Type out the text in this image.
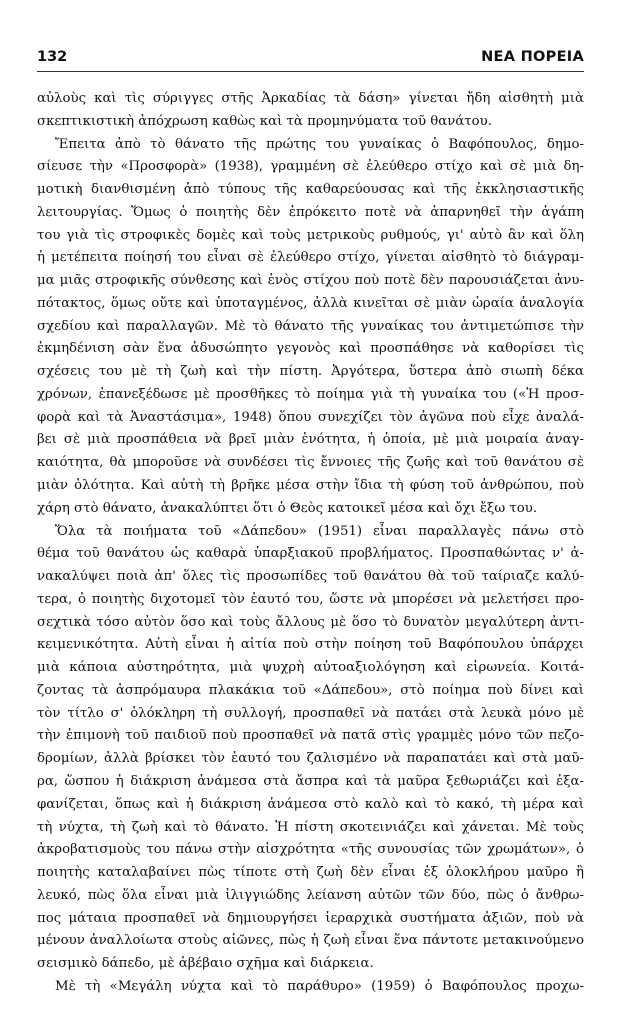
132	ΝΕΑ ΠΟΡΕΙΑ
αὐλοὺς καὶ τὶς σύριγγες στῆς Ἀρκαδίας τὰ δάση» γίνεται ἤδη αἰσθητὴ μιὰ
σκεπτικιστικὴ ἀπόχρωση καθὼς καὶ τὰ προμηνύματα τοῦ θανάτου.
Ἔπειτα ἀπὸ τὸ θάνατο τῆς πρώτης του γυναίκας ὁ Βαφόπουλος, δημο-
σίευσε τὴν «Προσφορὰ» (1938), γραμμένη σὲ ἐλεύθερο στίχο καὶ σὲ μιὰ δη-
μοτικὴ διανθισμένη ἀπὸ τύπους τῆς καθαρεύουσας καὶ τῆς ἐκκλησιαστικῆς
λειτουργίας. Ὅμως ὁ ποιητὴς δὲν ἐπρόκειτο ποτὲ νὰ ἀπαρνηθεῖ τὴν ἀγάπη
του γιὰ τὶς στροφικὲς δομὲς καὶ τοὺς μετρικοὺς ρυθμούς, γι' αὐτὸ ἂν καὶ ὅλη
ἡ μετέπειτα ποίησή του εἶναι σὲ ἐλεύθερο στίχο, γίνεται αἰσθητὸ τὸ διάγραμ-
μα μιᾶς στροφικῆς σύνθεσης καὶ ἑνὸς στίχου ποὺ ποτὲ δὲν παρουσιάζεται ἀνυ-
πότακτος, ὅμως οὔτε καὶ ὑποταγμένος, ἀλλὰ κινεῖται σὲ μιὰν ὡραία ἀναλογία
σχεδίου καὶ παραλλαγῶν. Μὲ τὸ θάνατο τῆς γυναίκας του ἀντιμετώπισε τὴν
ἐκμηδένιση σὰν ἕνα ἀδυσώπητο γεγονὸς καὶ προσπάθησε νὰ καθορίσει τὶς
σχέσεις του μὲ τὴ ζωὴ καὶ τὴν πίστη. Ἀργότερα, ὕστερα ἀπὸ σιωπὴ δέκα
χρόνων, ἐπανεξέδωσε μὲ προσθῆκες τὸ ποίημα γιὰ τὴ γυναίκα του («Ἡ προσ-
φορὰ καὶ τὰ Ἀναστάσιμα», 1948) ὅπου συνεχίζει τὸν ἀγῶνα ποὺ εἶχε ἀναλά-
βει σὲ μιὰ προσπάθεια νὰ βρεῖ μιὰν ἑνότητα, ἡ ὁποία, μὲ μιὰ μοιραία ἀναγ-
καιότητα, θὰ μποροῦσε νὰ συνδέσει τὶς ἔννοιες τῆς ζωῆς καὶ τοῦ θανάτου σὲ
μιὰν ὁλότητα. Καὶ αὐτὴ τὴ βρῆκε μέσα στὴν ἴδια τὴ φύση τοῦ ἀνθρώπου, ποὺ
χάρη στὸ θάνατο, ἀνακαλύπτει ὅτι ὁ Θεὸς κατοικεῖ μέσα καὶ ὄχι ἔξω του.
Ὅλα τὰ ποιήματα τοῦ «Δάπεδου» (1951) εἶναι παραλλαγὲς πάνω στὸ
θέμα τοῦ θανάτου ὡς καθαρὰ ὑπαρξιακοῦ προβλήματος. Προσπαθώντας ν' ἀ-
νακαλύψει ποιὰ ἀπ' ὅλες τὶς προσωπίδες τοῦ θανάτου θὰ τοῦ ταίριαζε καλύ-
τερα, ὁ ποιητὴς διχοτομεῖ τὸν ἑαυτό του, ὥστε νὰ μπορέσει νὰ μελετήσει προ-
σεχτικὰ τόσο αὐτὸν ὅσο καὶ τοὺς ἄλλους μὲ ὅσο τὸ δυνατὸν μεγαλύτερη ἀντι-
κειμενικότητα. Αὐτὴ εἶναι ἡ αἰτία ποὺ στὴν ποίηση τοῦ Βαφόπουλου ὑπάρχει
μιὰ κάποια αὐστηρότητα, μιὰ ψυχρὴ αὐτοαξιολόγηση καὶ εἰρωνεία. Κοιτά-
ζοντας τὰ ἀσπρόμαυρα πλακάκια τοῦ «Δάπεδου», στὸ ποίημα ποὺ δίνει καὶ
τὸν τίτλο σ' ὁλόκληρη τὴ συλλογή, προσπαθεῖ νὰ πατάει στὰ λευκὰ μόνο μὲ
τὴν ἐπιμονὴ τοῦ παιδιοῦ ποὺ προσπαθεῖ νὰ πατᾶ στὶς γραμμὲς μόνο τῶν πεζο-
δρομίων, ἀλλὰ βρίσκει τὸν ἑαυτό του ζαλισμένο νὰ παραπατάει καὶ στὰ μαῦ-
ρα, ὥσπου ἡ διάκριση ἀνάμεσα στὰ ἄσπρα καὶ τὰ μαῦρα ξεθωριάζει καὶ ἐξα-
φανίζεται, ὅπως καὶ ἡ διάκριση ἀνάμεσα στὸ καλὸ καὶ τὸ κακό, τὴ μέρα καὶ
τὴ νύχτα, τὴ ζωὴ καὶ τὸ θάνατο. Ἡ πίστη σκοτεινιάζει καὶ χάνεται. Μὲ τοὺς
ἀκροβατισμοὺς του πάνω στὴν αἰσχρότητα «τῆς συνουσίας τῶν χρωμάτων», ὁ
ποιητὴς καταλαβαίνει πὼς τίποτε στὴ ζωὴ δὲν εἶναι ἐξ ὁλοκλήρου μαῦρο ἢ
λευκό, πὼς ὅλα εἶναι μιὰ ἰλιγγιώδης λείανση αὐτῶν τῶν δύο, πὼς ὁ ἄνθρω-
πος μάταια προσπαθεῖ νὰ δημιουργήσει ἱεραρχικὰ συστήματα ἀξιῶν, ποὺ νὰ
μένουν ἀναλλοίωτα στοὺς αἰῶνες, πὼς ἡ ζωὴ εἶναι ἕνα πάντοτε μετακινούμενο
σεισμικὸ δάπεδο, μὲ ἀβέβαιο σχῆμα καὶ διάρκεια.
Μὲ τὴ «Μεγάλη νύχτα καὶ τὸ παράθυρο» (1959) ὁ Βαφόπουλος προχω-
